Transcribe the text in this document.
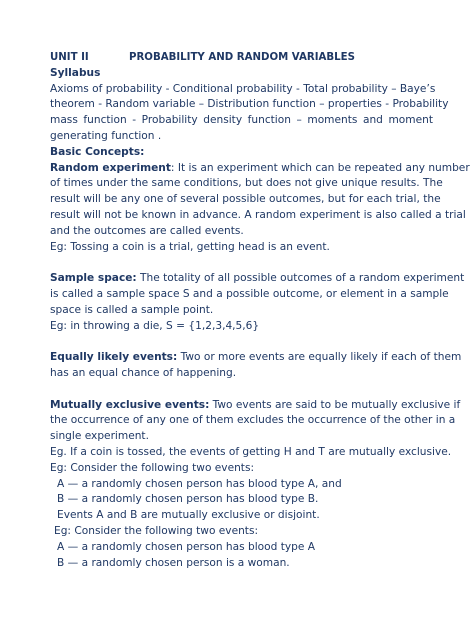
UNIT II	PROBABILITY AND RANDOM VARIABLES
Syllabus
Axioms of probability - Conditional probability - Total probability – Baye’s
theorem - Random variable – Distribution function – properties - Probability
mass function - Probability density function – moments and moment
generating function .
Basic Concepts:
Random experiment: It is an experiment which can be repeated any number
of times under the same conditions, but does not give unique results. The
result will be any one of several possible outcomes, but for each trial, the
result will not be known in advance. A random experiment is also called a trial
and the outcomes are called events.
Eg: Tossing a coin is a trial, getting head is an event.
Sample space: The totality of all possible outcomes of a random experiment
is called a sample space S and a possible outcome, or element in a sample
space is called a sample point.
Eg: in throwing a die, S = {1,2,3,4,5,6}
Equally likely events: Two or more events are equally likely if each of them
has an equal chance of happening.
Mutually exclusive events: Two events are said to be mutually exclusive if
the occurrence of any one of them excludes the occurrence of the other in a
single experiment.
Eg. If a coin is tossed, the events of getting H and T are mutually exclusive.
Eg: Consider the following two events:
A — a randomly chosen person has blood type A, and
B — a randomly chosen person has blood type B.
Events A and B are mutually exclusive or disjoint.
Eg: Consider the following two events:
A — a randomly chosen person has blood type A
B — a randomly chosen person is a woman.
